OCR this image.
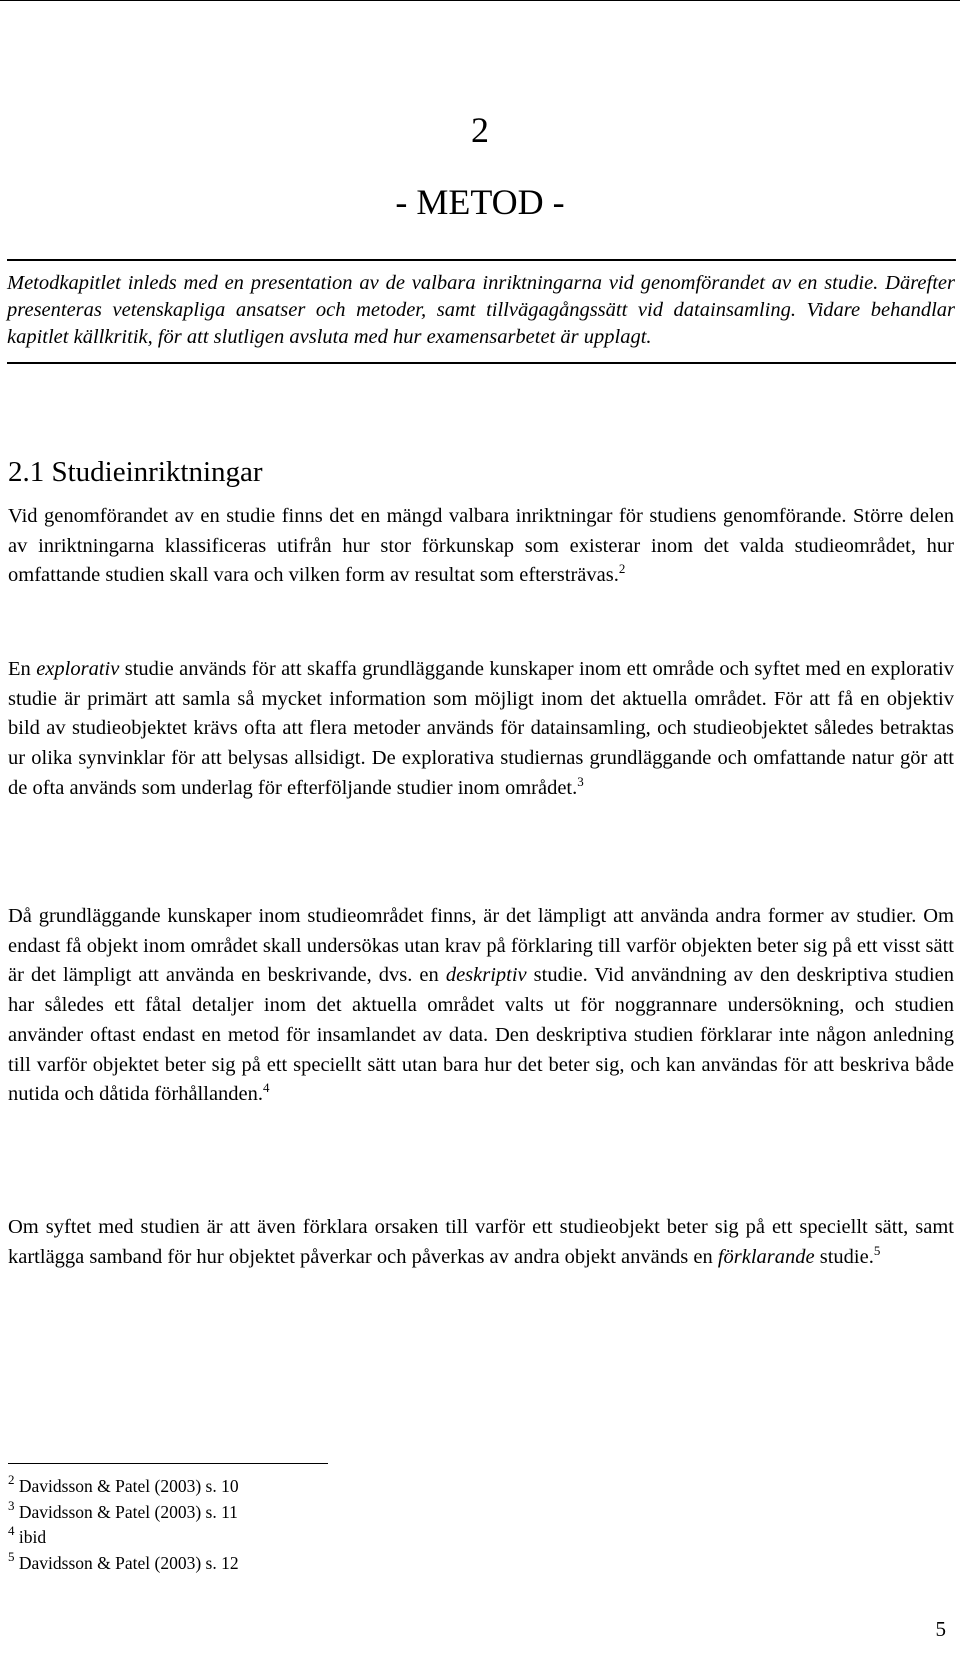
2
- METOD -

Metodkapitlet inleds med en presentation av de valbara inriktningarna vid genomförandet av en studie. Därefter presenteras vetenskapliga ansatser och metoder, samt tillvägagångssätt vid datainsamling. Vidare behandlar kapitlet källkritik, för att slutligen avsluta med hur examensarbetet är upplagt.

2.1 Studieinriktningar

Vid genomförandet av en studie finns det en mängd valbara inriktningar för studiens genomförande. Större delen av inriktningarna klassificeras utifrån hur stor förkunskap som existerar inom det valda studieområdet, hur omfattande studien skall vara och vilken form av resultat som eftersträvas.$^2$

En explorativ studie används för att skaffa grundläggande kunskaper inom ett område och syftet med en explorativ studie är primärt att samla så mycket information som möjligt inom det aktuella området. För att få en objektiv bild av studieobjektet krävs ofta att flera metoder används för datainsamling, och studieobjektet således betraktas ur olika synvinklar för att belysas allsidigt. De explorativa studiernas grundläggande och omfattande natur gör att de ofta används som underlag för efterföljande studier inom området.$^3$

Då grundläggande kunskaper inom studieområdet finns, är det lämpligt att använda andra former av studier. Om endast få objekt inom området skall undersökas utan krav på förklaring till varför objekten beter sig på ett visst sätt är det lämpligt att använda en beskrivande, dvs. en deskriptiv studie. Vid användning av den deskriptiva studien har således ett fåtal detaljer inom det aktuella området valts ut för noggrannare undersökning, och studien använder oftast endast en metod för insamlandet av data. Den deskriptiva studien förklarar inte någon anledning till varför objektet beter sig på ett speciellt sätt utan bara hur det beter sig, och kan användas för att beskriva både nutida och dåtida förhållanden.$^4$

Om syftet med studien är att även förklara orsaken till varför ett studieobjekt beter sig på ett speciellt sätt, samt kartlägga samband för hur objektet påverkar och påverkas av andra objekt används en förklarande studie.$^5$

$^2$ Davidsson & Patel (2003) s. 10
$^3$ Davidsson & Patel (2003) s. 11
$^4$ ibid
$^5$ Davidsson & Patel (2003) s. 12
5
